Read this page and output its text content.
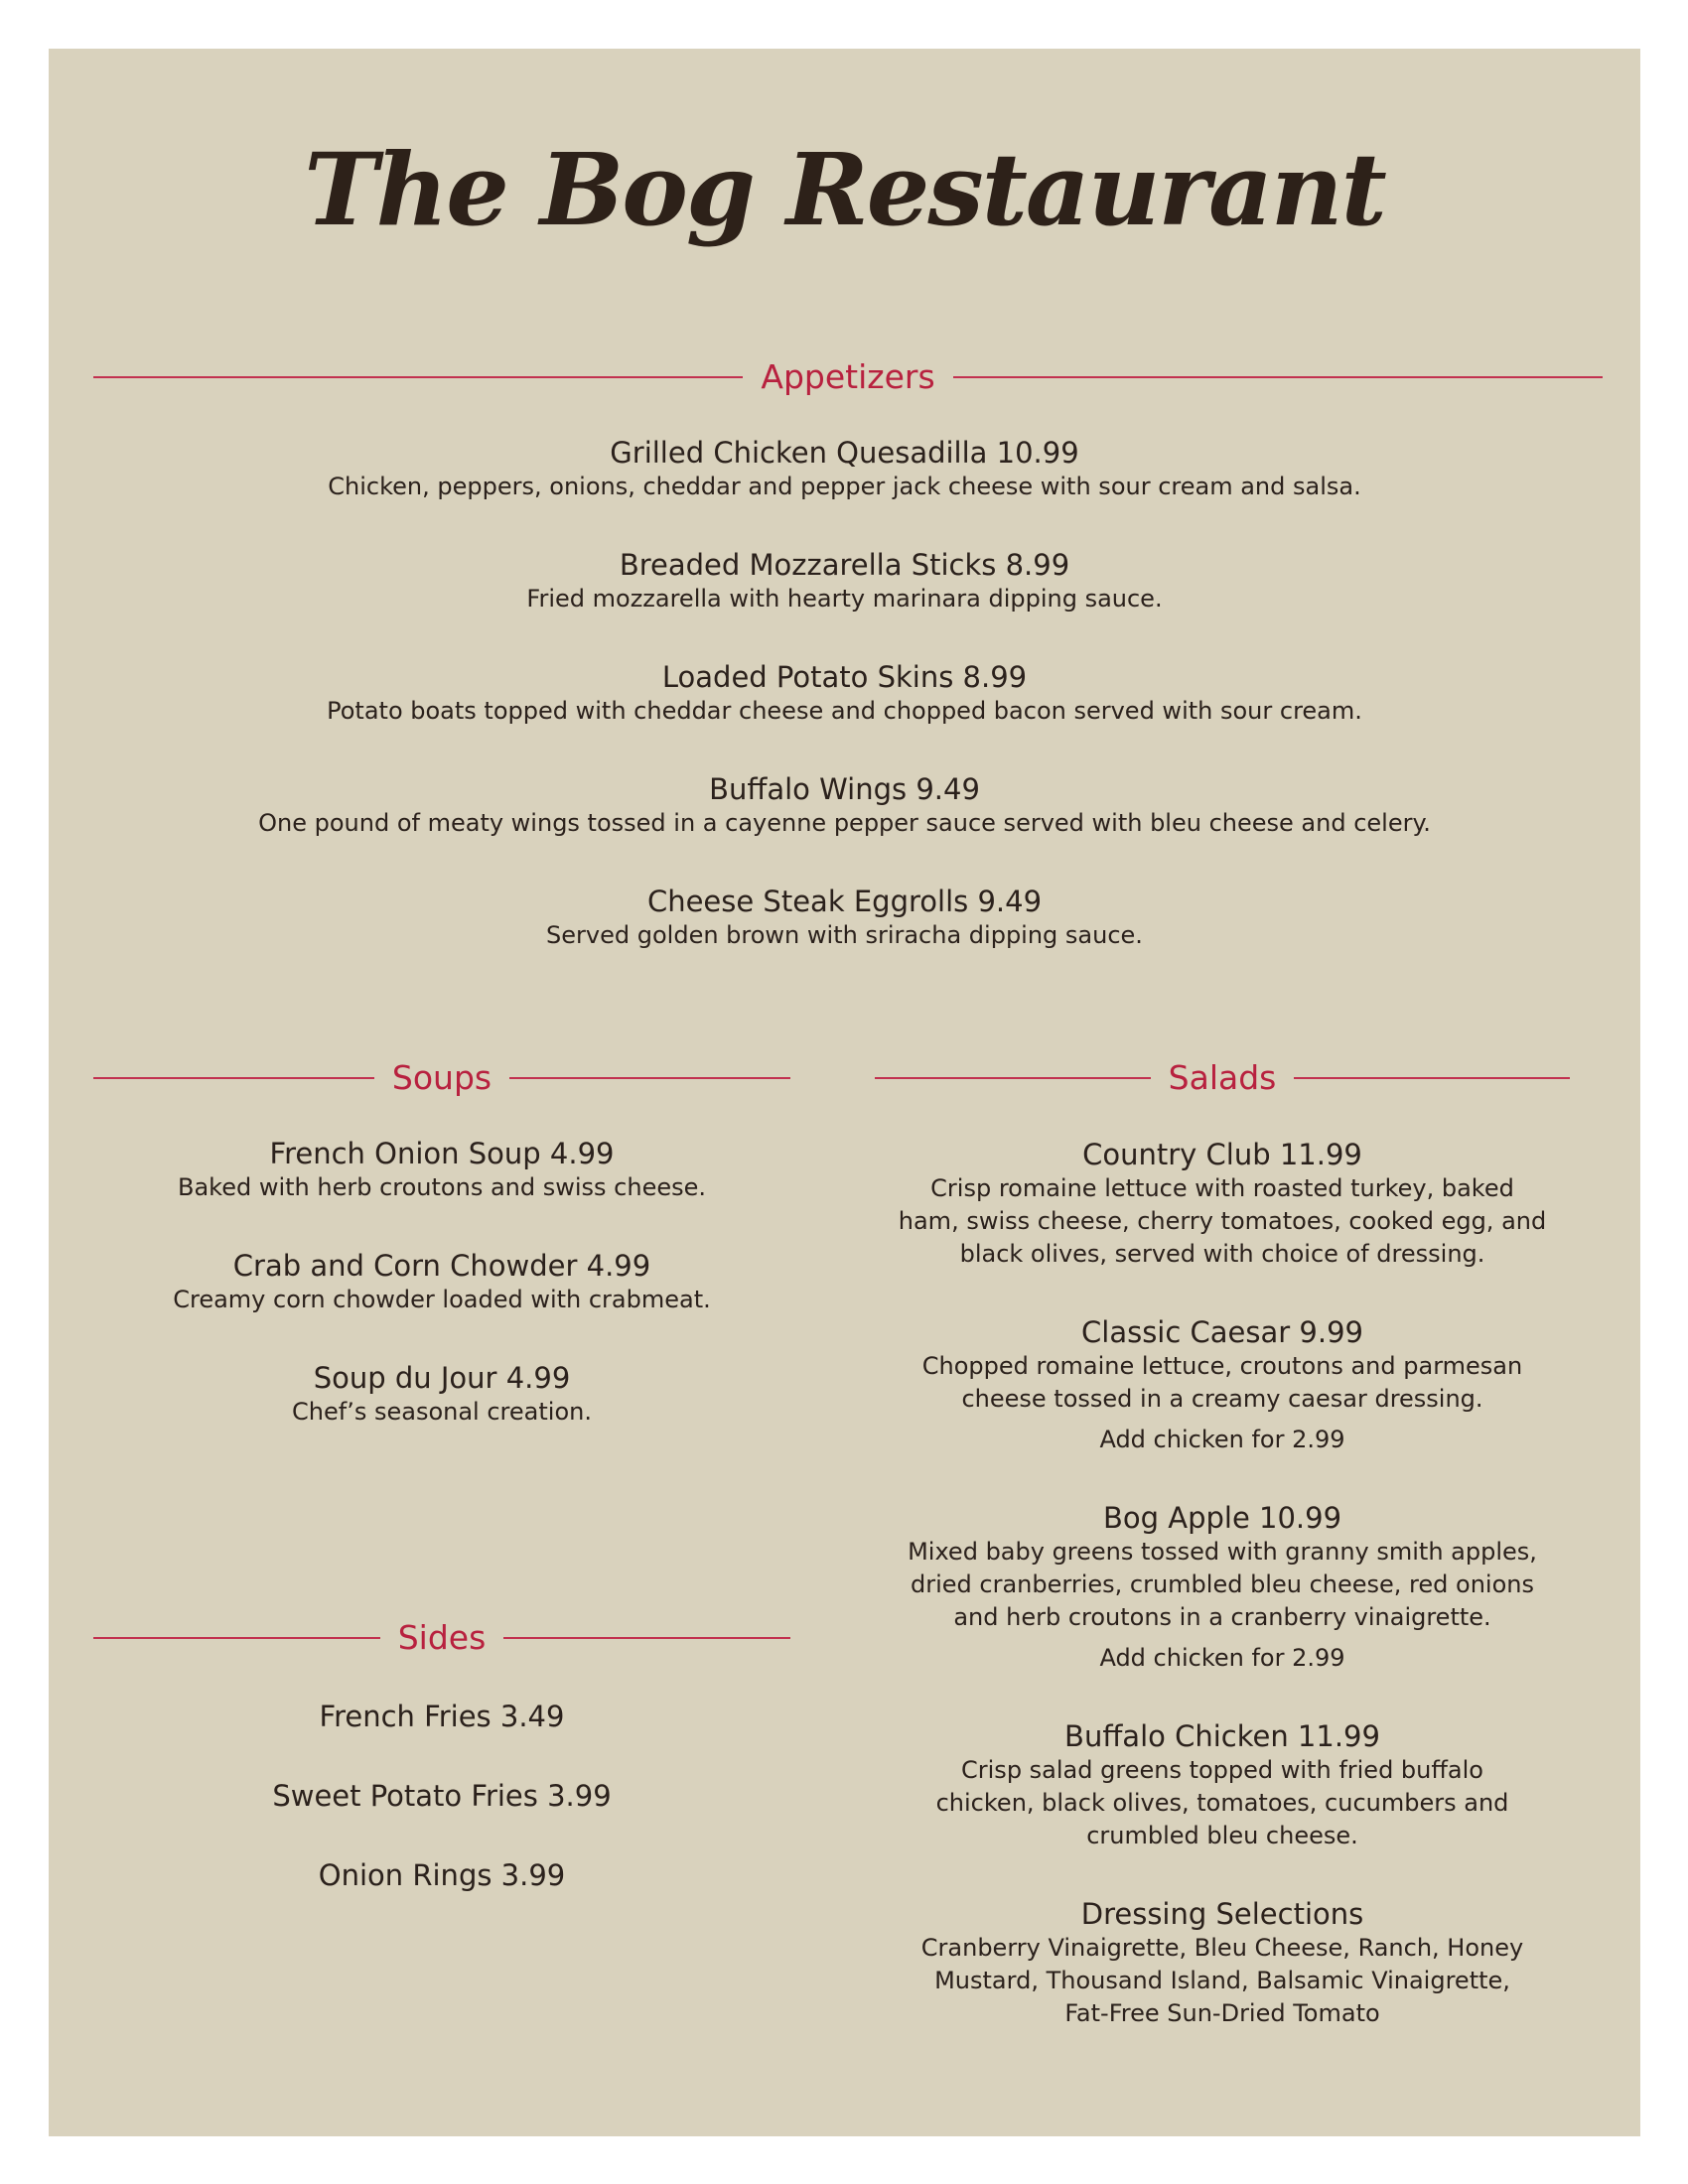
The Bog Restaurant
Appetizers
Grilled Chicken Quesadilla 10.99
Chicken, peppers, onions, cheddar and pepper jack cheese with sour cream and salsa.
Breaded Mozzarella Sticks 8.99
Fried mozzarella with hearty marinara dipping sauce.
Loaded Potato Skins 8.99
Potato boats topped with cheddar cheese and chopped bacon served with sour cream.
Buffalo Wings 9.49
One pound of meaty wings tossed in a cayenne pepper sauce served with bleu cheese and celery.
Cheese Steak Eggrolls 9.49
Served golden brown with sriracha dipping sauce.
Soups
French Onion Soup 4.99
Baked with herb croutons and swiss cheese.
Crab and Corn Chowder 4.99
Creamy corn chowder loaded with crabmeat.
Soup du Jour 4.99
Chef’s seasonal creation.
Sides
French Fries 3.49
Sweet Potato Fries 3.99
Onion Rings 3.99
Salads
Country Club 11.99
Crisp romaine lettuce with roasted turkey, baked
ham, swiss cheese, cherry tomatoes, cooked egg, and
black olives, served with choice of dressing.
Classic Caesar 9.99
Chopped romaine lettuce, croutons and parmesan
cheese tossed in a creamy caesar dressing.
Add chicken for 2.99
Bog Apple 10.99
Mixed baby greens tossed with granny smith apples,
dried cranberries, crumbled bleu cheese, red onions
and herb croutons in a cranberry vinaigrette.
Add chicken for 2.99
Buffalo Chicken 11.99
Crisp salad greens topped with fried buffalo
chicken, black olives, tomatoes, cucumbers and
crumbled bleu cheese.
Dressing Selections
Cranberry Vinaigrette, Bleu Cheese, Ranch, Honey
Mustard, Thousand Island, Balsamic Vinaigrette,
Fat-Free Sun-Dried Tomato
